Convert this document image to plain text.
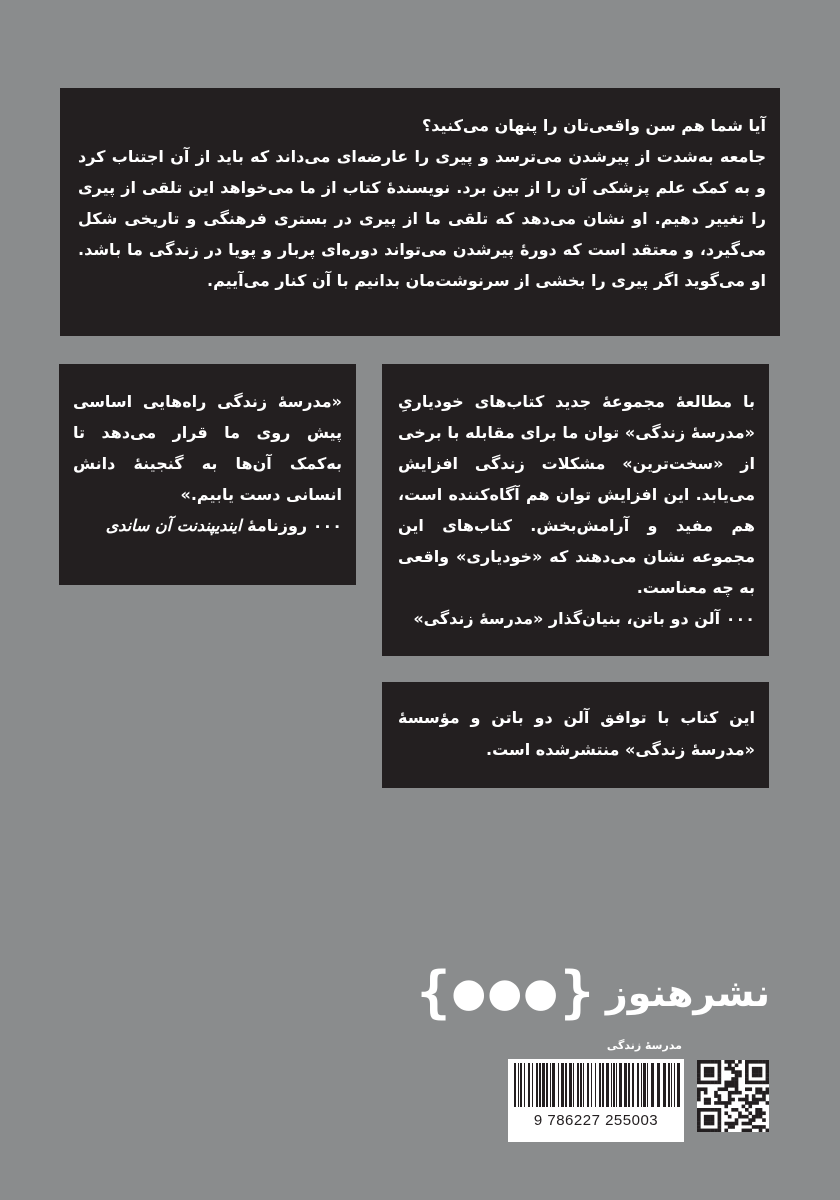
آیا شما هم سن واقعی‌تان را پنهان می‌کنید؟
جامعه به‌شدت از پیرشدن می‌ترسد و پیری را عارضه‌ای می‌داند که باید از آن اجتناب کرد و به کمک علم پزشکی آن را از بین برد. نویسندهٔ کتاب از ما می‌خواهد این تلقی از پیری را تغییر دهیم. او نشان می‌دهد که تلقی ما از پیری در بستری فرهنگی و تاریخی شکل می‌گیرد، و معتقد است که دورهٔ پیرشدن می‌تواند دوره‌ای پربار و پویا در زندگی ما باشد. او می‌گوید اگر پیری را بخشی از سرنوشت‌مان بدانیم با آن کنار می‌آییم.

«مدرسهٔ زندگی راه‌هایی اساسی پیش روی ما قرار می‌دهد تا به‌کمک آن‌ها به گنجینهٔ دانش انسانی دست یابیم.»

۰۰۰ روزنامهٔ ایندیپندنت آن ساندی

با مطالعهٔ مجموعهٔ جدید کتاب‌های خودیاریِ «مدرسهٔ زندگی» توان ما برای مقابله با برخی از «سخت‌ترین» مشکلات زندگی افزایش می‌یابد. این افزایش توان هم آگاه‌کننده است، هم مفید و آرامش‌بخش. کتاب‌های این مجموعه نشان می‌دهند که «خودیاری» واقعی به چه معناست.

۰۰۰ آلن دو باتن، بنیان‌گذار «مدرسهٔ زندگی»

این کتاب با توافق آلن دو باتن و مؤسسهٔ «مدرسهٔ زندگی» منتشرشده است.

{ ●●● } نشرهنوز
مدرسهٔ زندگی
9 786227 255003
